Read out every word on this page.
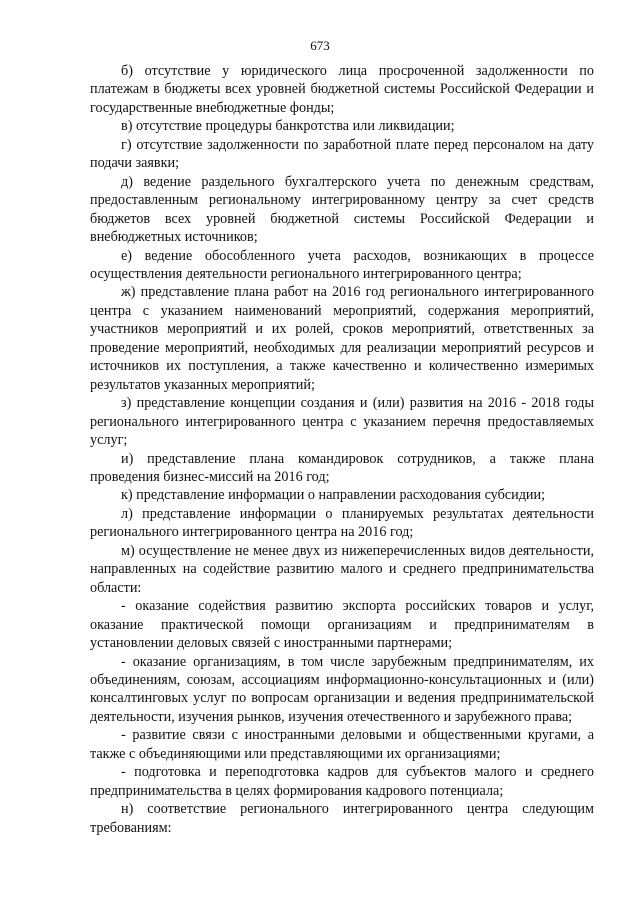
673

б) отсутствие у юридического лица просроченной задолженности по платежам в бюджеты всех уровней бюджетной системы Российской Федерации и государственные внебюджетные фонды;

в) отсутствие процедуры банкротства или ликвидации;

г) отсутствие задолженности по заработной плате перед персоналом на дату подачи заявки;

д) ведение раздельного бухгалтерского учета по денежным средствам, предоставленным региональному интегрированному центру за счет средств бюджетов всех уровней бюджетной системы Российской Федерации и внебюджетных источников;

е) ведение обособленного учета расходов, возникающих в процессе осуществления деятельности регионального интегрированного центра;

ж) представление плана работ на 2016 год регионального интегрированного центра с указанием наименований мероприятий, содержания мероприятий, участников мероприятий и их ролей, сроков мероприятий, ответственных за проведение мероприятий, необходимых для реализации мероприятий ресурсов и источников их поступления, а также качественно и количественно измеримых результатов указанных мероприятий;

з) представление концепции создания и (или) развития на 2016 - 2018 годы регионального интегрированного центра с указанием перечня предоставляемых услуг;

и) представление плана командировок сотрудников, а также плана проведения бизнес-миссий на 2016 год;

к) представление информации о направлении расходования субсидии;

л) представление информации о планируемых результатах деятельности регионального интегрированного центра на 2016 год;

м) осуществление не менее двух из нижеперечисленных видов деятельности, направленных на содействие развитию малого и среднего предпринимательства области:

- оказание содействия развитию экспорта российских товаров и услуг, оказание практической помощи организациям и предпринимателям в установлении деловых связей с иностранными партнерами;

- оказание организациям, в том числе зарубежным предпринимателям, их объединениям, союзам, ассоциациям информационно-консультационных и (или) консалтинговых услуг по вопросам организации и ведения предпринимательской деятельности, изучения рынков, изучения отечественного и зарубежного права;

- развитие связи с иностранными деловыми и общественными кругами, а также с объединяющими или представляющими их организациями;

- подготовка и переподготовка кадров для субъектов малого и среднего предпринимательства в целях формирования кадрового потенциала;

н) соответствие регионального интегрированного центра следующим требованиям:
